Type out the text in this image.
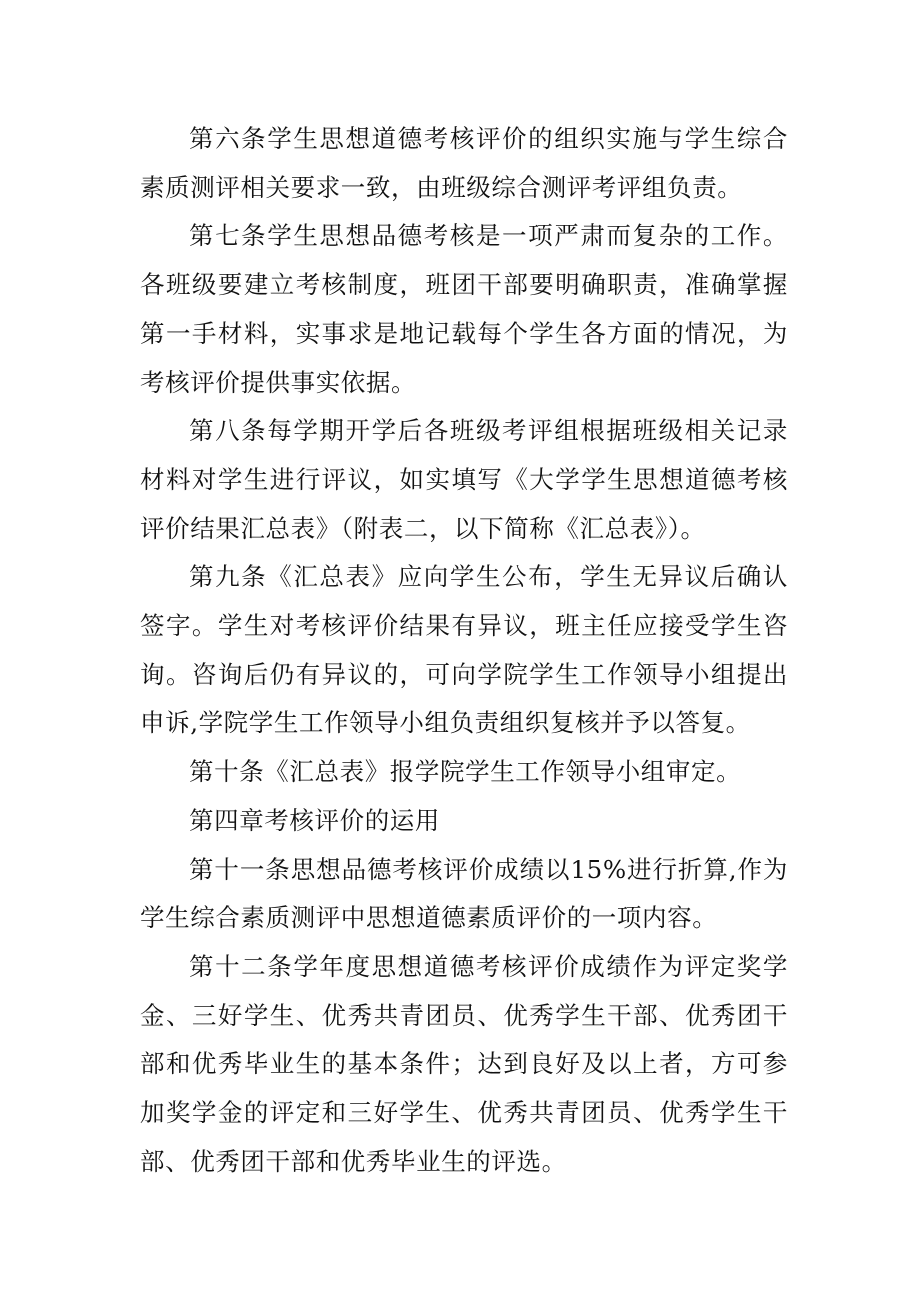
第六条学生思想道德考核评价的组织实施与学生综合素质测评相关要求一致，由班级综合测评考评组负责。

第七条学生思想品德考核是一项严肃而复杂的工作。各班级要建立考核制度，班团干部要明确职责，准确掌握第一手材料，实事求是地记载每个学生各方面的情况，为考核评价提供事实依据。

第八条每学期开学后各班级考评组根据班级相关记录材料对学生进行评议，如实填写《大学学生思想道德考核评价结果汇总表》（附表二，以下简称《汇总表》）。

第九条《汇总表》应向学生公布，学生无异议后确认签字。学生对考核评价结果有异议，班主任应接受学生咨询。咨询后仍有异议的，可向学院学生工作领导小组提出申诉,学院学生工作领导小组负责组织复核并予以答复。

第十条《汇总表》报学院学生工作领导小组审定。

第四章考核评价的运用

第十一条思想品德考核评价成绩以15%进行折算,作为学生综合素质测评中思想道德素质评价的一项内容。

第十二条学年度思想道德考核评价成绩作为评定奖学金、三好学生、优秀共青团员、优秀学生干部、优秀团干部和优秀毕业生的基本条件；达到良好及以上者，方可参加奖学金的评定和三好学生、优秀共青团员、优秀学生干部、优秀团干部和优秀毕业生的评选。
